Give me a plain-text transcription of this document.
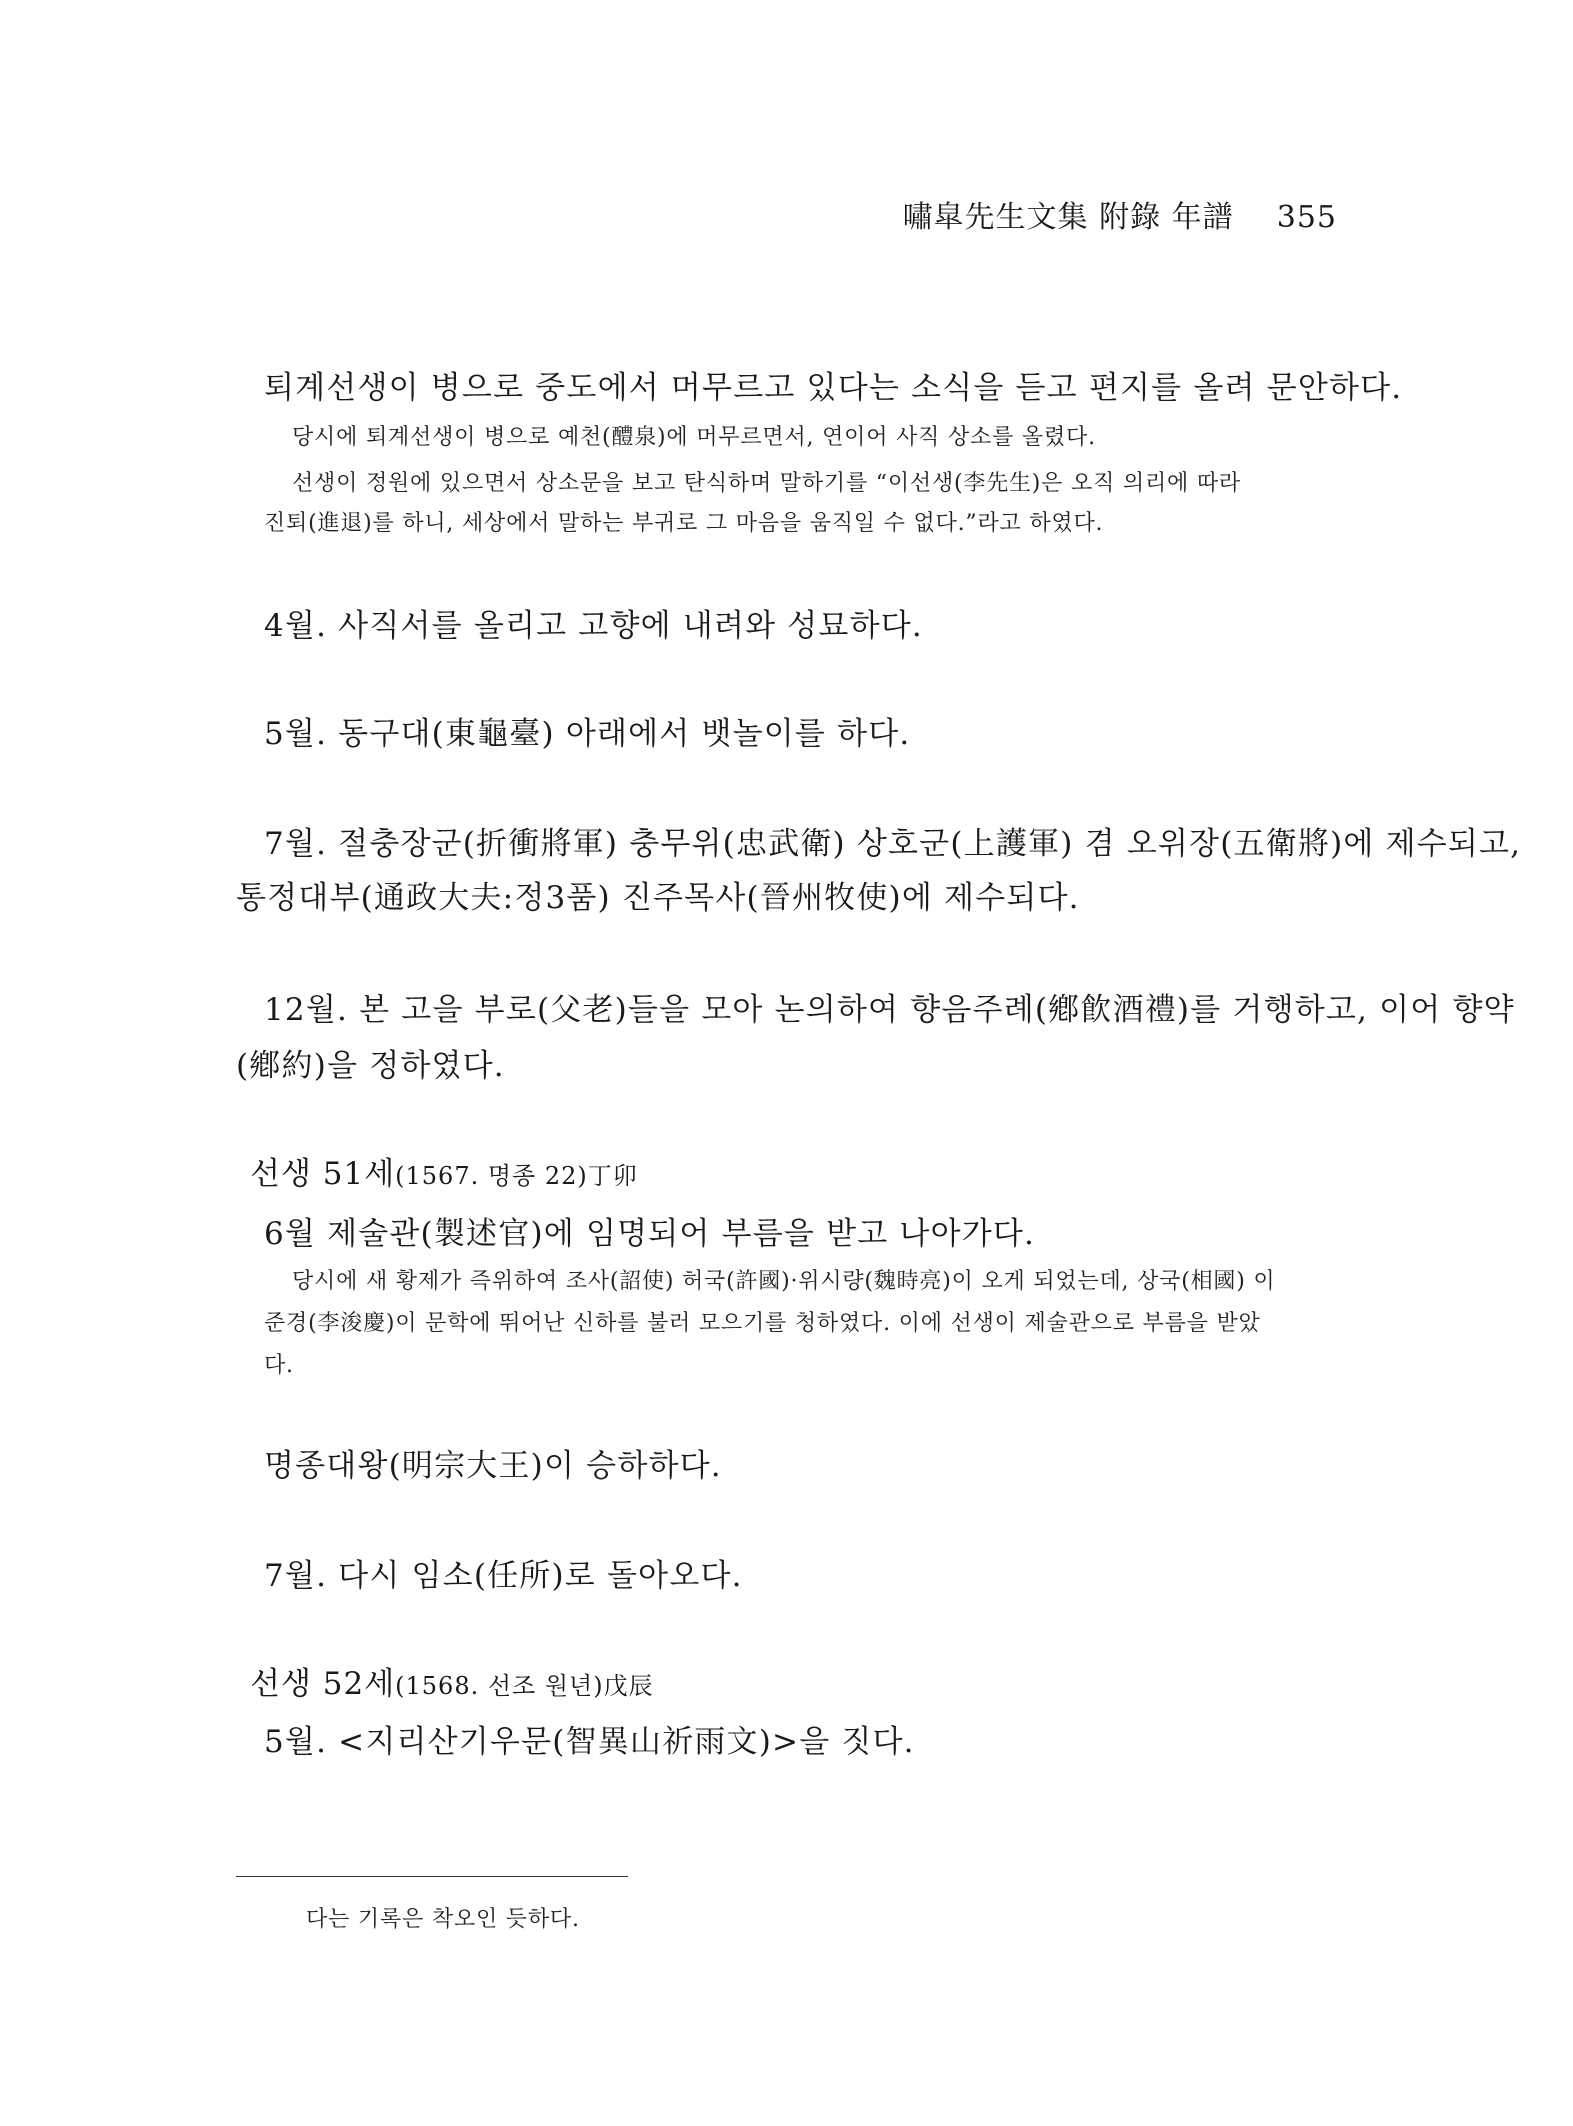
嘯皐先生文集 附錄 年譜 355
퇴계선생이 병으로 중도에서 머무르고 있다는 소식을 듣고 편지를 올려 문안하다.
당시에 퇴계선생이 병으로 예천(醴泉)에 머무르면서, 연이어 사직 상소를 올렸다.
선생이 정원에 있으면서 상소문을 보고 탄식하며 말하기를 “이선생(李先生)은 오직 의리에 따라
진퇴(進退)를 하니, 세상에서 말하는 부귀로 그 마음을 움직일 수 없다.”라고 하였다.
4월. 사직서를 올리고 고향에 내려와 성묘하다.
5월. 동구대(東龜臺) 아래에서 뱃놀이를 하다.
7월. 절충장군(折衝將軍) 충무위(忠武衛) 상호군(上護軍) 겸 오위장(五衛將)에 제수되고,
통정대부(通政大夫:정3품) 진주목사(晉州牧使)에 제수되다.
12월. 본 고을 부로(父老)들을 모아 논의하여 향음주례(鄕飮酒禮)를 거행하고, 이어 향약
(鄕約)을 정하였다.
선생 51세(1567. 명종 22)丁卯
6월 제술관(製述官)에 임명되어 부름을 받고 나아가다.
당시에 새 황제가 즉위하여 조사(詔使) 허국(許國)·위시량(魏時亮)이 오게 되었는데, 상국(相國) 이
준경(李浚慶)이 문학에 뛰어난 신하를 불러 모으기를 청하였다. 이에 선생이 제술관으로 부름을 받았
다.
명종대왕(明宗大王)이 승하하다.
7월. 다시 임소(任所)로 돌아오다.
선생 52세(1568. 선조 원년)戊辰
5월. <지리산기우문(智異山祈雨文)>을 짓다.
다는 기록은 착오인 듯하다.
